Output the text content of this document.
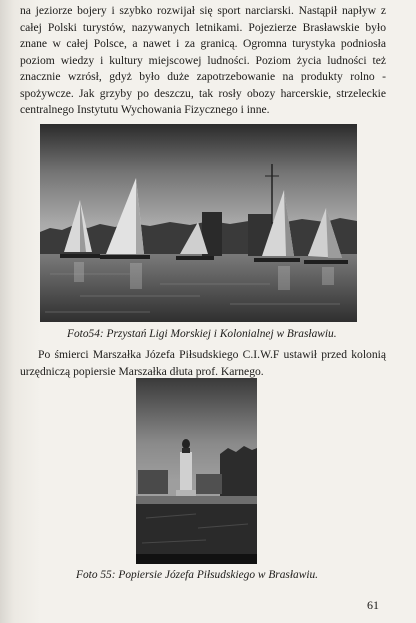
na jeziorze bojery i szybko rozwijał się sport narciarski. Nastąpił napływ z całej Polski turystów, nazywanych letnikami. Pojezierze Brasławskie było znane w całej Polsce, a nawet i za granicą. Ogromna turystyka podniosła poziom wiedzy i kultury miejscowej ludności. Poziom życia ludności też znacznie wzrósł, gdyż było duże zapotrzebowanie na produkty rolno - spożywcze. Jak grzyby po deszczu, tak rosły obozy harcerskie, strzeleckie centralnego Instytutu Wychowania Fizycznego i inne.

Foto54: Przystań Ligi Morskiej i Kolonialnej w Brasławiu.

Po śmierci Marszałka Józefa Piłsudskiego C.I.W.F ustawił przed kolonią urzędniczą popiersie Marszałka dłuta prof. Karnego.

Foto 55: Popiersie Józefa Piłsudskiego w Brasławiu.

61
